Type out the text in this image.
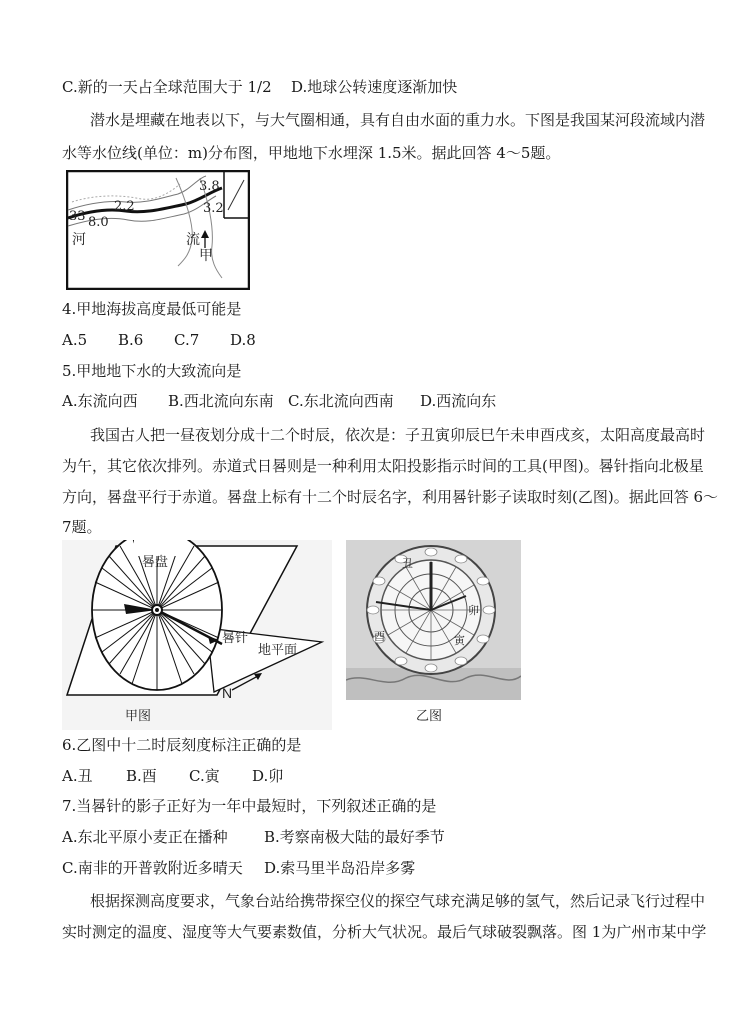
C.新的一天占全球范围大于 1/2 D.地球公转速度逐渐加快
潜水是埋藏在地表以下，与大气圈相通，具有自由水面的重力水。下图是我国某河段流域内潜
水等水位线(单位：m)分布图，甲地地下水埋深 1.5米。据此回答 4～5题。
3.8
2.2	3.2
33 8.0
河	流
甲
4.甲地海拔高度最低可能是
A.5 B.6 C.7 D.8
5.甲地地下水的大致流向是
A.东流向西 B.西北流向东南 C.东北流向西南 D.西流向东
我国古人把一昼夜划分成十二个时辰，依次是：子丑寅卯辰巳午未申酉戌亥，太阳高度最高时
为午，其它依次排列。赤道式日晷则是一种利用太阳投影指示时间的工具(甲图)。晷针指向北极星
方向，晷盘平行于赤道。晷盘上标有十二个时辰名字，利用晷针影子读取时刻(乙图)。据此回答 6～
7题。
晷盘
晷针
地平面
N
甲图
丑
卯
寅
酉
乙图
6.乙图中十二时辰刻度标注正确的是
A.丑 B.酉 C.寅 D.卯
7.当晷针的影子正好为一年中最短时，下列叙述正确的是
A.东北平原小麦正在播种 B.考察南极大陆的最好季节
C.南非的开普敦附近多晴天 D.索马里半岛沿岸多雾
根据探测高度要求，气象台站给携带探空仪的探空气球充满足够的氢气，然后记录飞行过程中
实时测定的温度、湿度等大气要素数值，分析大气状况。最后气球破裂飘落。图 1为广州市某中学
